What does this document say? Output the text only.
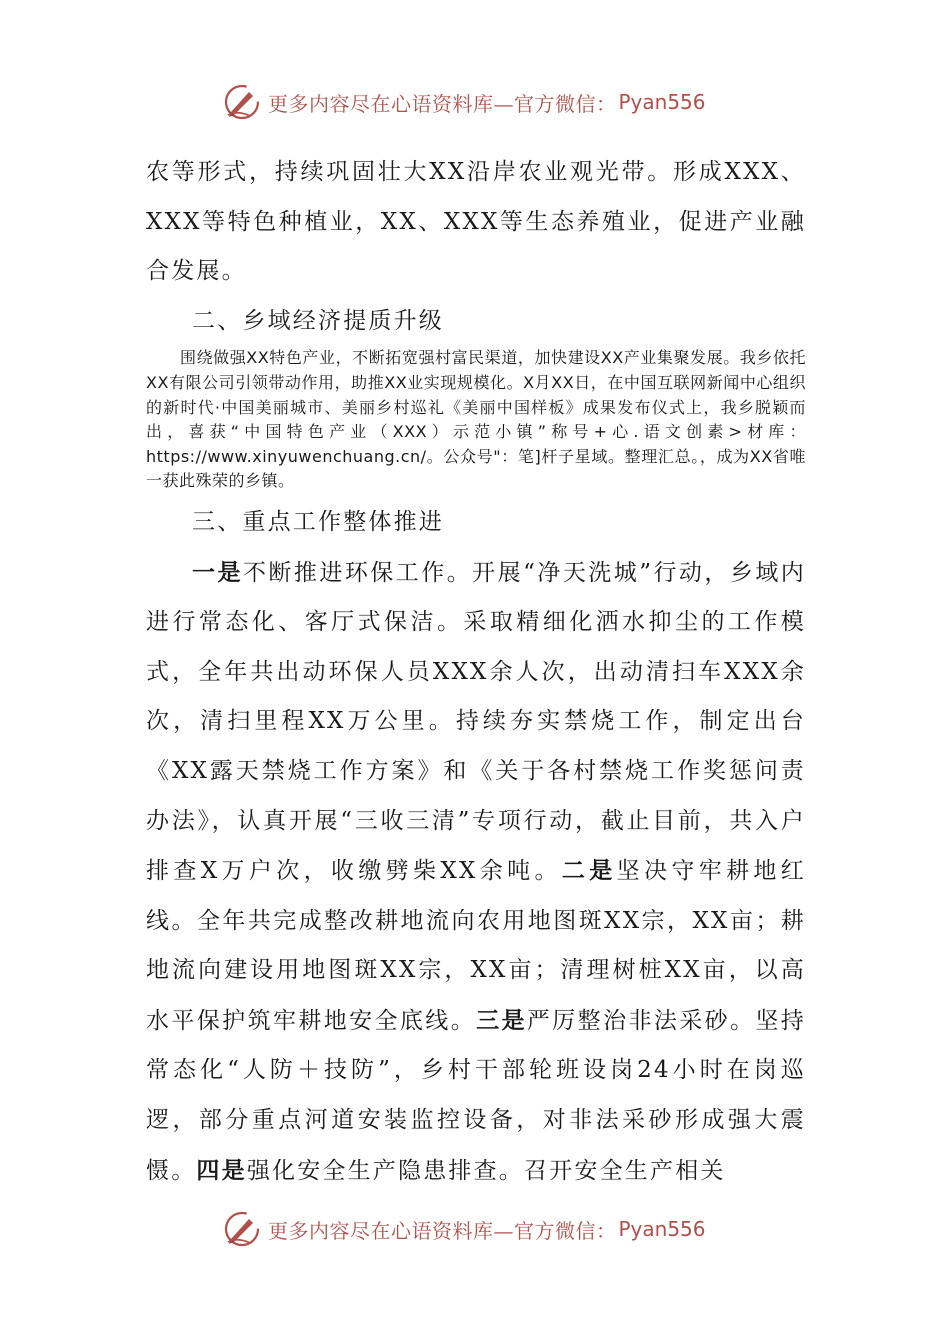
更多内容尽在心语资料库—官方微信： Pyan556

农等形式，持续巩固壮大XX沿岸农业观光带。形成XXX、XXX等特色种植业，XX、XXX等生态养殖业，促进产业融合发展。

二、乡域经济提质升级

围绕做强XX特色产业，不断拓宽强村富民渠道，加快建设XX产业集聚发展。我乡依托XX有限公司引领带动作用，助推XX业实现规模化。X月XX日，在中国互联网新闻中心组织的新时代·中国美丽城市、美丽乡村巡礼《美丽中国样板》成果发布仪式上，我乡脱颖而出，喜获“中国特色产业（XXX）示范小镇”称号+心.语文创素>材库：https://www.xinyuwenchuang.cn/。公众号"：笔]杆子星域。整理汇总。，成为XX省唯一获此殊荣的乡镇。

三、重点工作整体推进

一是不断推进环保工作。开展“净天洗城”行动，乡域内进行常态化、客厅式保洁。采取精细化洒水抑尘的工作模式，全年共出动环保人员XXX余人次，出动清扫车XXX余次，清扫里程XX万公里。持续夯实禁烧工作，制定出台《XX露天禁烧工作方案》和《关于各村禁烧工作奖惩问责办法》，认真开展“三收三清”专项行动，截止目前，共入户排查X万户次，收缴劈柴XX余吨。二是坚决守牢耕地红线。全年共完成整改耕地流向农用地图斑XX宗，XX亩；耕地流向建设用地图斑XX宗，XX亩；清理树桩XX亩，以高水平保护筑牢耕地安全底线。三是严厉整治非法采砂。坚持常态化“人防＋技防”，乡村干部轮班设岗24小时在岗巡逻，部分重点河道安装监控设备，对非法采砂形成强大震慑。四是强化安全生产隐患排查。召开安全生产相关

更多内容尽在心语资料库—官方微信： Pyan556
